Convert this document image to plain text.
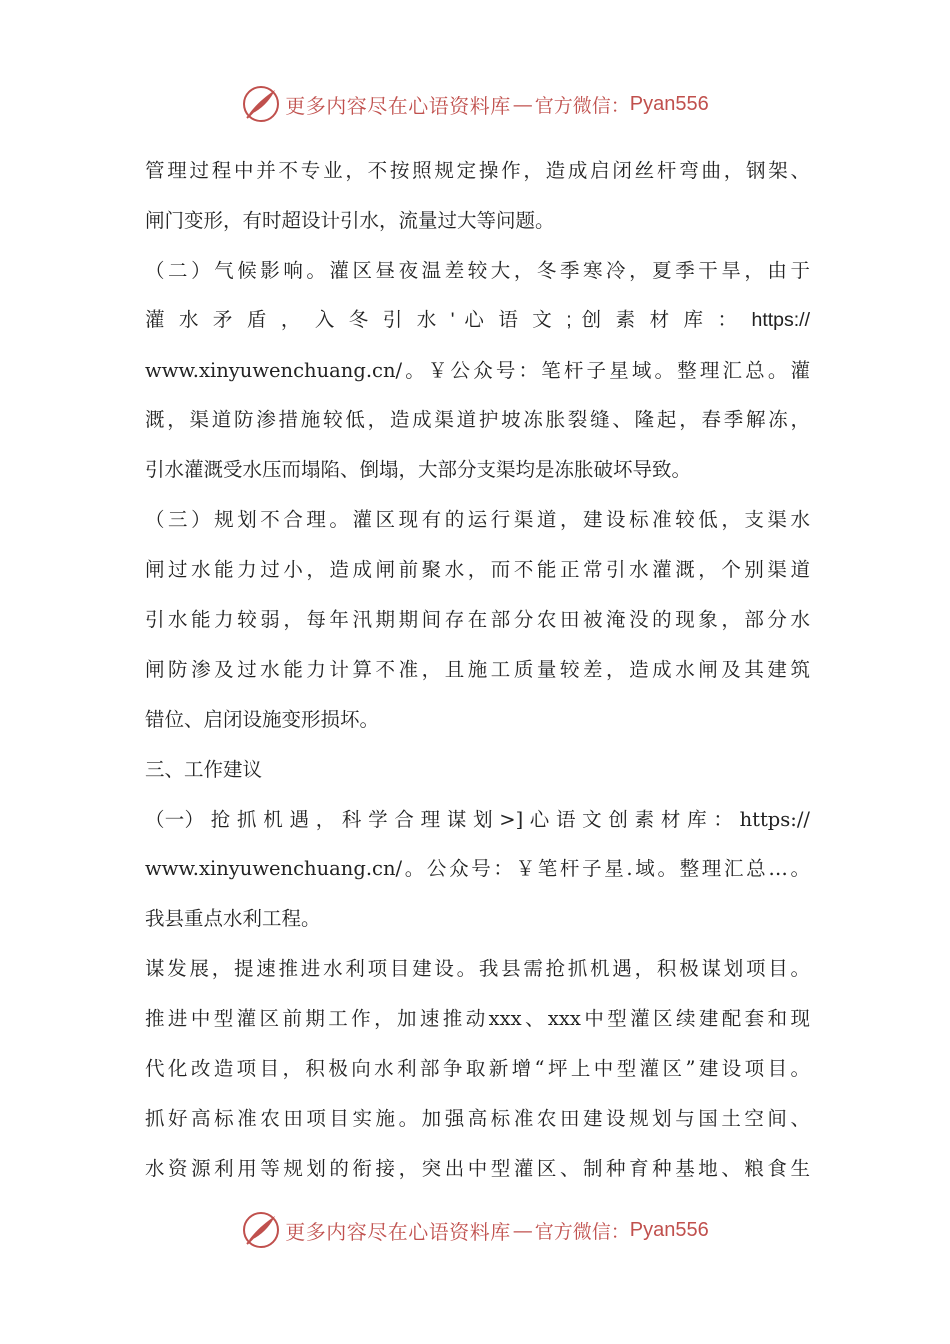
更多内容尽在心语资料库 — 官方微信： Pyan556
管理过程中并不专业，不按照规定操作，造成启闭丝杆弯曲，钢架、
闸门变形，有时超设计引水，流量过大等问题。
（二）气候影响。灌区昼夜温差较大，冬季寒冷，夏季干旱，由于
灌 水 矛 盾 ， 入 冬 引 水 ' 心 语 文 ; 创 素 材 库 ： https://
www.xinyuwenchuang.cn/。￥公众号：笔杆子星域。整理汇总。灌
溉，渠道防渗措施较低，造成渠道护坡冻胀裂缝、隆起，春季解冻，
引水灌溉受水压而塌陷、倒塌，大部分支渠均是冻胀破坏导致。
（三）规划不合理。灌区现有的运行渠道，建设标准较低，支渠水
闸过水能力过小，造成闸前聚水，而不能正常引水灌溉，个别渠道
引水能力较弱，每年汛期期间存在部分农田被淹没的现象，部分水
闸防渗及过水能力计算不准，且施工质量较差，造成水闸及其建筑
错位、启闭设施变形损坏。
三、工作建议
（一） 抢 抓 机 遇 ， 科 学 合 理 谋 划 >] 心 语 文 创 素 材 库 ： https://
www.xinyuwenchuang.cn/。公众号：￥笔杆子星.域。整理汇总…。
我县重点水利工程。
谋发展，提速推进水利项目建设。我县需抢抓机遇，积极谋划项目。
推进中型灌区前期工作，加速推动xxx、xxx中型灌区续建配套和现
代化改造项目，积极向水利部争取新增“坪上中型灌区”建设项目。
抓好高标准农田项目实施。加强高标准农田建设规划与国土空间、
水资源利用等规划的衔接，突出中型灌区、制种育种基地、粮食生
更多内容尽在心语资料库 — 官方微信： Pyan556
